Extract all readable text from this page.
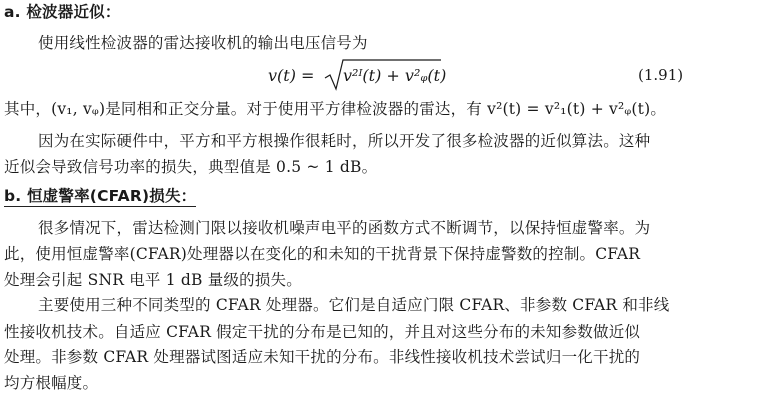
a. 检波器近似：
使用线性检波器的雷达接收机的输出电压信号为
v(t) = v²ᴵ(t) + v²ᵩ(t)	(1.91)
其中，(v₁, vᵩ)是同相和正交分量。对于使用平方律检波器的雷达，有 v²(t) = v²₁(t) + v²ᵩ(t)。
因为在实际硬件中，平方和平方根操作很耗时，所以开发了很多检波器的近似算法。这种
近似会导致信号功率的损失，典型值是 0.5 ~ 1 dB。
b. 恒虚警率(CFAR)损失：
很多情况下，雷达检测门限以接收机噪声电平的函数方式不断调节，以保持恒虚警率。为
此，使用恒虚警率(CFAR)处理器以在变化的和未知的干扰背景下保持虚警数的控制。CFAR
处理会引起 SNR 电平 1 dB 量级的损失。
主要使用三种不同类型的 CFAR 处理器。它们是自适应门限 CFAR、非参数 CFAR 和非线
性接收机技术。自适应 CFAR 假定干扰的分布是已知的，并且对这些分布的未知参数做近似
处理。非参数 CFAR 处理器试图适应未知干扰的分布。非线性接收机技术尝试归一化干扰的
均方根幅度。
